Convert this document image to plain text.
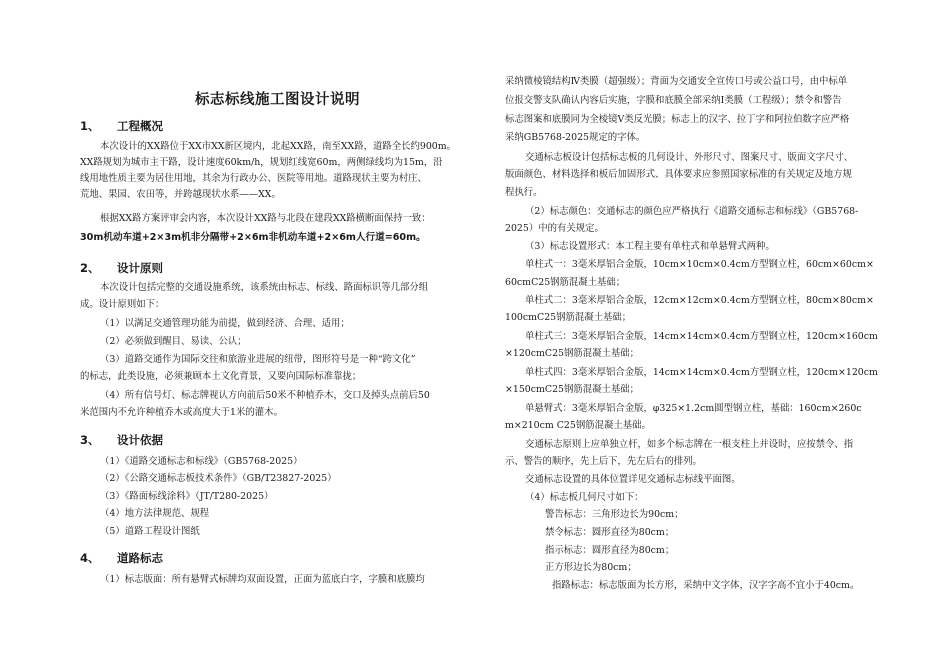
标志标线施工图设计说明
1、 工程概况
2、 设计原则
3、 设计依据
4、 道路标志
本次设计的XX路位于XX市XX新区境内，北起XX路，南至XX路，道路全长约900m。
XX路规划为城市主干路，设计速度60km/h，规划红线宽60m，两侧绿线均为15m，沿
线用地性质主要为居住用地，其余为行政办公、医院等用地。道路现状主要为村庄、
荒地、果园、农田等，并跨越现状水系——XX。
根据XX路方案评审会内容，本次设计XX路与北段在建段XX路横断面保持一致：
30m机动车道+2×3m机非分隔带+2×6m非机动车道+2×6m人行道=60m。
本次设计包括完整的交通设施系统，该系统由标志、标线、路面标识等几部分组
成。设计原则如下：
（1）以满足交通管理功能为前提，做到经济、合理、适用；
（2）必须做到醒目、易读、公认；
（3）道路交通作为国际交往和旅游业进展的纽带，图形符号是一种“跨文化”
的标志，此类设施，必须兼顾本土文化背景，又要向国际标准靠拢；
（4）所有信号灯、标志牌视认方向前后50米不种植乔木，交口及掉头点前后50
米范围内不允许种植乔木或高度大于1米的灌木。
（1）《道路交通标志和标线》（GB5768-2025）
（2）《公路交通标志板技术条件》（GB/T23827-2025）
（3）《路面标线涂料》（JT/T280-2025）
（4）地方法律规范、规程
（5）道路工程设计图纸
（1）标志版面：所有悬臂式标牌均双面设置，正面为蓝底白字，字膜和底膜均
采纳微棱镜结构Ⅳ类膜（超强级）；背面为交通安全宣传口号或公益口号，由中标单
位报交警支队确认内容后实施，字膜和底膜全部采纳Ⅰ类膜（工程级）；禁令和警告
标志图案和底膜同为全棱镜Ⅴ类反光膜；标志上的汉字、拉丁字和阿拉伯数字应严格
采纳GB5768-2025规定的字体。
交通标志板设计包括标志板的几何设计、外形尺寸、图案尺寸、版面文字尺寸、
版面颜色、材料选择和板后加固形式、具体要求应参照国家标准的有关规定及地方规
程执行。
（2）标志颜色：交通标志的颜色应严格执行《道路交通标志和标线》（GB5768-
2025）中的有关规定。
（3）标志设置形式：本工程主要有单柱式和单悬臂式两种。
单柱式一：3毫米厚铝合金版，10cm×10cm×0.4cm方型钢立柱，60cm×60cm×
60cmC25钢筋混凝土基础；
单柱式二：3毫米厚铝合金版，12cm×12cm×0.4cm方型钢立柱，80cm×80cm×
100cmC25钢筋混凝土基础；
单柱式三：3毫米厚铝合金版，14cm×14cm×0.4cm方型钢立柱，120cm×160cm
×120cmC25钢筋混凝土基础；
单柱式四：3毫米厚铝合金版，14cm×14cm×0.4cm方型钢立柱，120cm×120cm
×150cmC25钢筋混凝土基础；
单悬臂式：3毫米厚铝合金版，φ325×1.2cm圆型钢立柱，基础：160cm×260c
m×210cm C25钢筋混凝土基础。
交通标志原则上应单独立杆，如多个标志牌在一根支柱上并设时，应按禁令、指
示、警告的顺序，先上后下，先左后右的排列。
交通标志设置的具体位置详见交通标志标线平面图。
（4）标志板几何尺寸如下：
警告标志：三角形边长为90cm；
禁令标志：圆形直径为80cm；
指示标志：圆形直径为80cm；
正方形边长为80cm；
指路标志：标志版面为长方形，采纳中文字体，汉字字高不宜小于40cm。
